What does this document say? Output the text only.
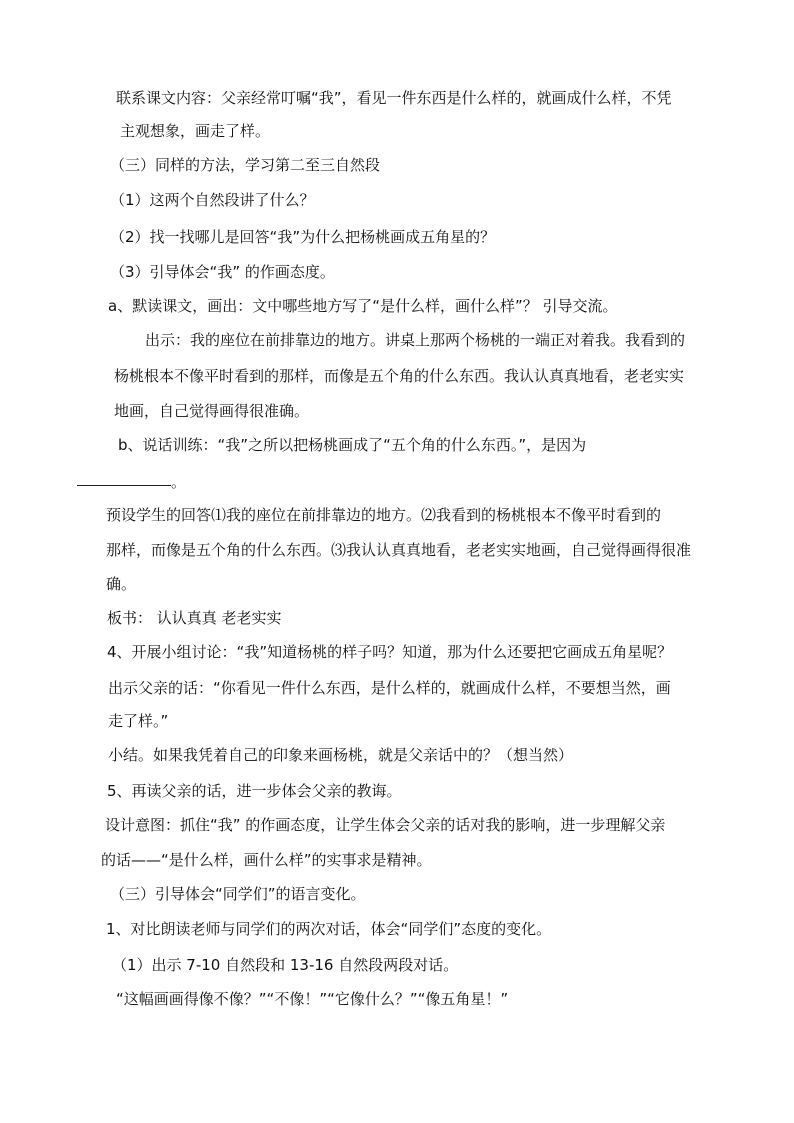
联系课文内容：父亲经常叮嘱“我”，看见一件东西是什么样的，就画成什么样，不凭
主观想象，画走了样。
（三）同样的方法，学习第二至三自然段
（1）这两个自然段讲了什么？
（2）找一找哪儿是回答“我”为什么把杨桃画成五角星的？
（3）引导体会“我” 的作画态度。
a、默读课文，画出：文中哪些地方写了“是什么样，画什么样”？ 引导交流。
出示：我的座位在前排靠边的地方。讲桌上那两个杨桃的一端正对着我。我看到的
杨桃根本不像平时看到的那样，而像是五个角的什么东西。我认认真真地看，老老实实
地画，自己觉得画得很准确。
b、说话训练：“我”之所以把杨桃画成了“五个角的什么东西。”，是因为
。
预设学生的回答⑴我的座位在前排靠边的地方。⑵我看到的杨桃根本不像平时看到的
那样，而像是五个角的什么东西。⑶我认认真真地看，老老实实地画，自己觉得画得很准
确。
板书： 认认真真 老老实实
4、开展小组讨论：“我”知道杨桃的样子吗？知道，那为什么还要把它画成五角星呢？
出示父亲的话：“你看见一件什么东西，是什么样的，就画成什么样，不要想当然，画
走了样。”
小结。如果我凭着自己的印象来画杨桃，就是父亲话中的？（想当然）
5、再读父亲的话，进一步体会父亲的教诲。
设计意图：抓住“我” 的作画态度，让学生体会父亲的话对我的影响，进一步理解父亲
的话——“是什么样，画什么样”的实事求是精神。
（三）引导体会“同学们”的语言变化。
1、对比朗读老师与同学们的两次对话，体会“同学们”态度的变化。
（1）出示 7-10 自然段和 13-16 自然段两段对话。
“这幅画画得像不像？”“不像！”“它像什么？”“像五角星！”
